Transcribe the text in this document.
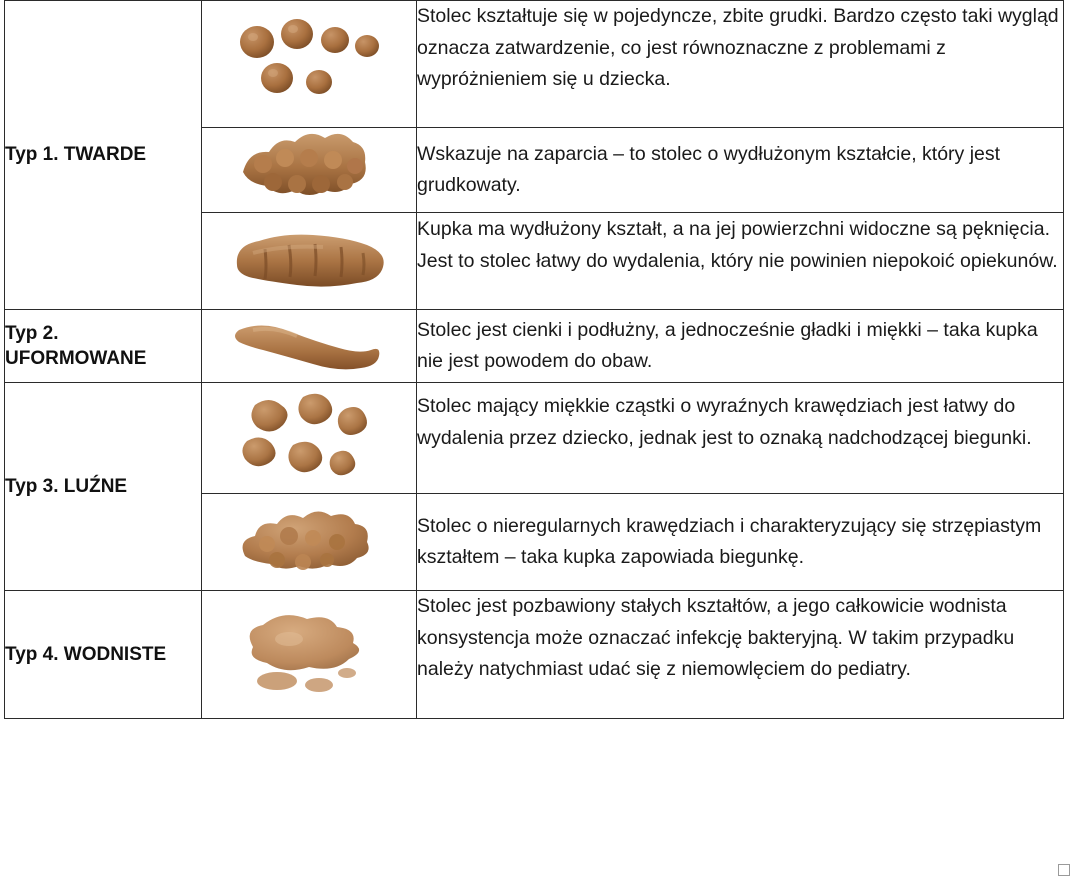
Typ 1. TWARDE		Stolec kształtuje się w pojedyncze, zbite grudki. Bardzo często taki wygląd oznacza zatwardzenie, co jest równoznaczne z problemami z wypróżnieniem się u dziecka.

Wskazuje na zaparcia – to stolec o wydłużonym kształcie, który jest grudkowaty.

Kupka ma wydłużony kształt, a na jej powierzchni widoczne są pęknięcia. Jest to stolec łatwy do wydalenia, który nie powinien niepokoić opiekunów.

Typ 2. UFORMOWANE		Stolec jest cienki i podłużny, a jednocześnie gładki i miękki – taka kupka nie jest powodem do obaw.

Typ 3. LUŹNE		Stolec mający miękkie cząstki o wyraźnych krawędziach jest łatwy do wydalenia przez dziecko, jednak jest to oznaką nadchodzącej biegunki.

Stolec o nieregularnych krawędziach i charakteryzujący się strzępiastym kształtem – taka kupka zapowiada biegunkę.

Typ 4. WODNISTE		Stolec jest pozbawiony stałych kształtów, a jego całkowicie wodnista konsystencja może oznaczać infekcję bakteryjną. W takim przypadku należy natychmiast udać się z niemowlęciem do pediatry.
